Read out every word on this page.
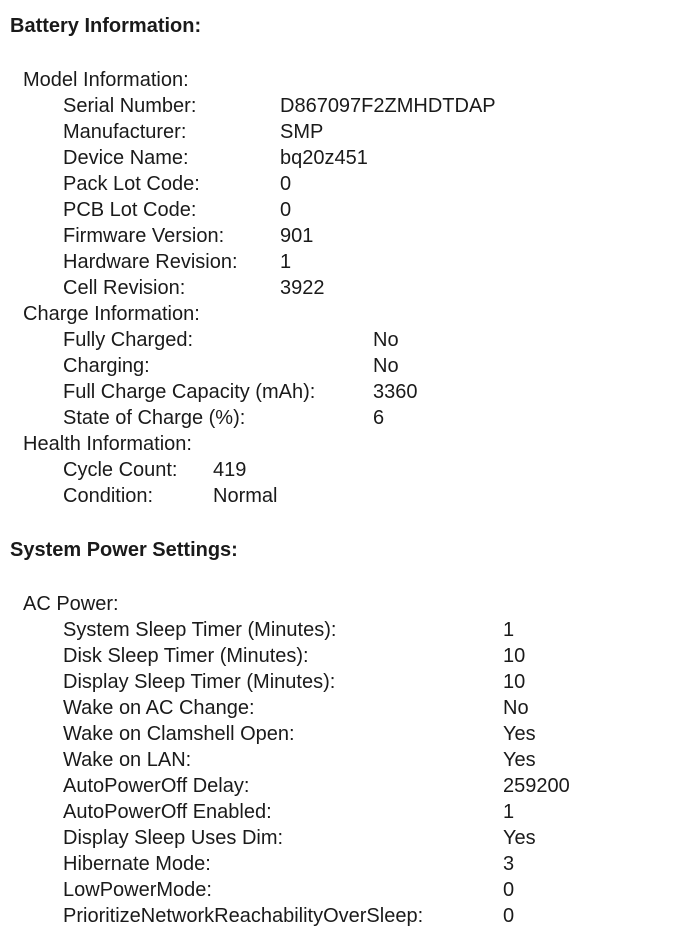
Battery Information:
Model Information:
Serial Number:	D867097F2ZMHDTDAP
Manufacturer:	SMP
Device Name:	bq20z451
Pack Lot Code:	0
PCB Lot Code:	0
Firmware Version:	901
Hardware Revision: 1
Cell Revision:	3922
Charge Information:
Fully Charged:	No
Charging:	No
Full Charge Capacity (mAh):	3360
State of Charge (%):	6
Health Information:
Cycle Count: 419
Condition:	Normal
System Power Settings:
AC Power:
System Sleep Timer (Minutes):	1
Disk Sleep Timer (Minutes):	10
Display Sleep Timer (Minutes):	10
Wake on AC Change:	No
Wake on Clamshell Open:	Yes
Wake on LAN:	Yes
AutoPowerOff Delay:	259200
AutoPowerOff Enabled:	1
Display Sleep Uses Dim:	Yes
Hibernate Mode:	3
LowPowerMode:	0
PrioritizeNetworkReachabilityOverSleep:	0
